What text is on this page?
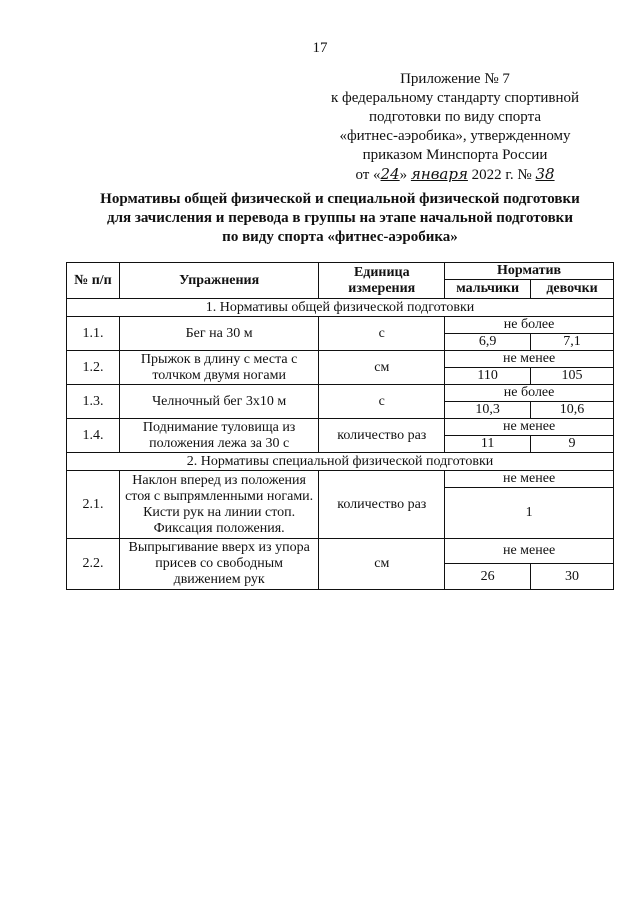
17
Приложение № 7
к федеральному стандарту спортивной
подготовки по виду спорта
«фитнес-аэробика», утвержденному
приказом Минспорта России
от «24» января 2022 г. № 38
Нормативы общей физической и специальной физической подготовки
для зачисления и перевода в группы на этапе начальной подготовки
по виду спорта «фитнес-аэробика»
№ п/п	Упражнения	Единица измерения	Норматив	
			мальчики	девочки
1. Нормативы общей физической подготовки				
1.1.	Бег на 30 м	с	не более	
			6,9	7,1
1.2.	Прыжок в длину с места с толчком двумя ногами	см	не менее	
			110	105
1.3.	Челночный бег 3х10 м	с	не более	
			10,3	10,6
1.4.	Поднимание туловища из положения лежа за 30 с	количество раз	не менее	
			11	9
2. Нормативы специальной физической подготовки				
2.1.	Наклон вперед из положения стоя с выпрямленными ногами. Кисти рук на линии стоп. Фиксация положения.	количество раз	не менее	
			1	
2.2.	Выпрыгивание вверх из упора присев со свободным движением рук	см	не менее	
			26	30
